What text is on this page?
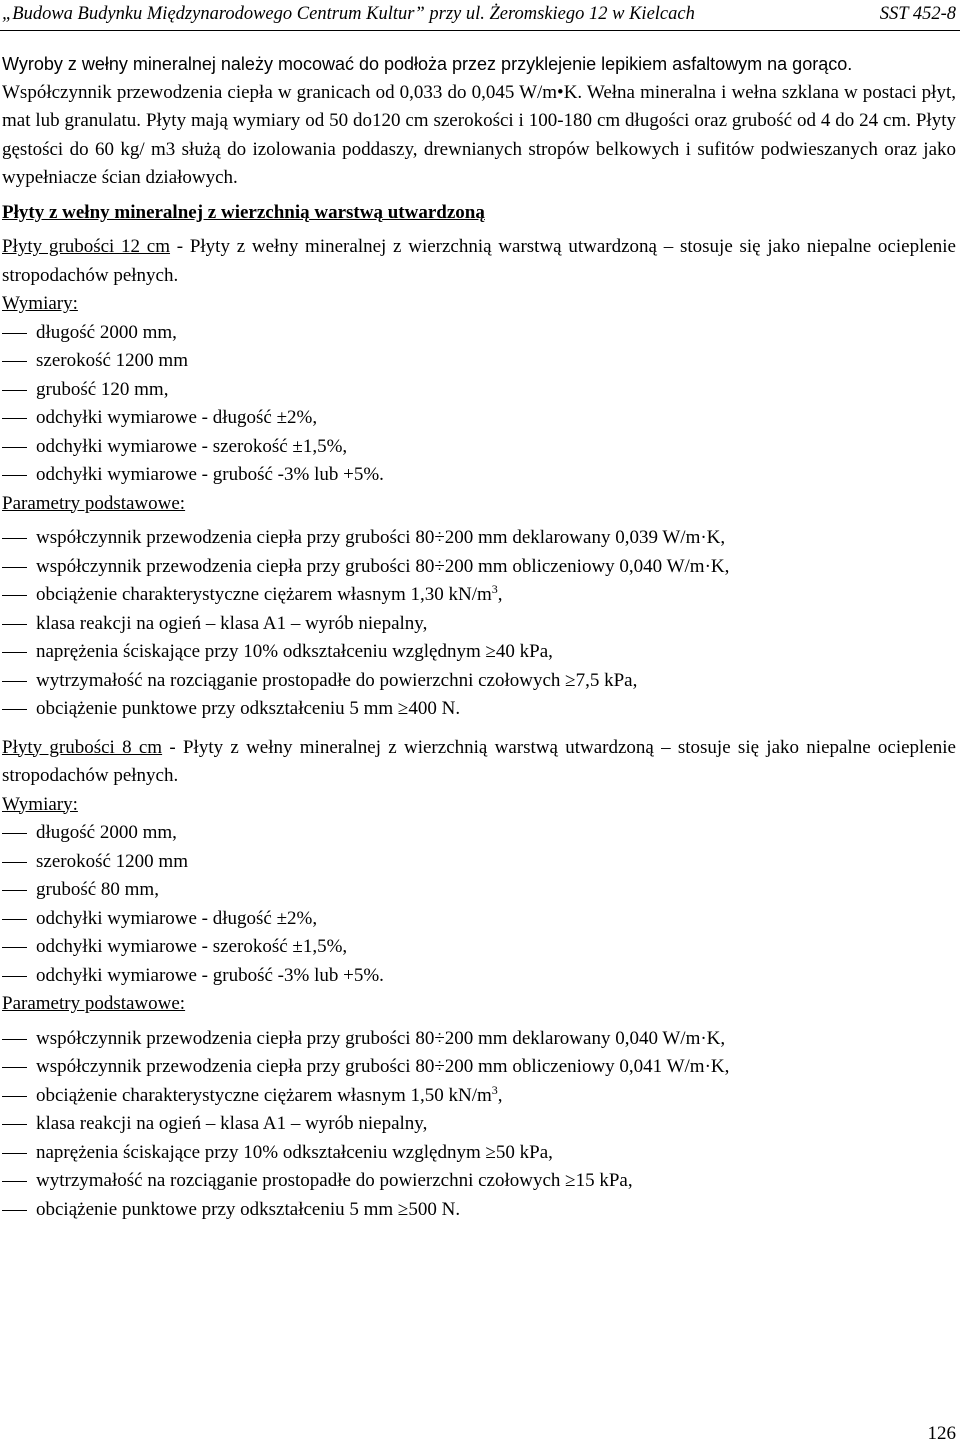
„Budowa Budynku Międzynarodowego Centrum Kultur” przy ul. Żeromskiego 12 w Kielcach	SST 452-8

Wyroby z wełny mineralnej należy mocować do podłoża przez przyklejenie lepikiem asfaltowym na gorąco.

Współczynnik przewodzenia ciepła w granicach od 0,033 do 0,045 W/m•K. Wełna mineralna i wełna szklana w postaci płyt, mat lub granulatu. Płyty mają wymiary od 50 do120 cm szerokości i 100-180 cm długości oraz grubość od 4 do 24 cm. Płyty gęstości do 60 kg/ m3 służą do izolowania poddaszy, drewnianych stropów belkowych i sufitów podwieszanych oraz jako wypełniacze ścian działowych.

Płyty z wełny mineralnej z wierzchnią warstwą utwardzoną

Płyty grubości 12 cm - Płyty z wełny mineralnej z wierzchnią warstwą utwardzoną – stosuje się jako niepalne ocieplenie stropodachów pełnych.

Wymiary:

długość 2000 mm,
szerokość 1200 mm
grubość 120 mm,
odchyłki wymiarowe - długość ±2%,
odchyłki wymiarowe - szerokość ±1,5%,
odchyłki wymiarowe - grubość -3% lub +5%.

Parametry podstawowe:

współczynnik przewodzenia ciepła przy grubości 80÷200 mm deklarowany 0,039 W/m·K,
współczynnik przewodzenia ciepła przy grubości 80÷200 mm obliczeniowy 0,040 W/m·K,
obciążenie charakterystyczne ciężarem własnym 1,30 $kN/m^3$,
klasa reakcji na ogień – klasa A1 – wyrób niepalny,
naprężenia ściskające przy 10% odkształceniu względnym ≥40 kPa,
wytrzymałość na rozciąganie prostopadłe do powierzchni czołowych ≥7,5 kPa,
obciążenie punktowe przy odkształceniu 5 mm ≥400 N.

Płyty grubości 8 cm - Płyty z wełny mineralnej z wierzchnią warstwą utwardzoną – stosuje się jako niepalne ocieplenie stropodachów pełnych.

Wymiary:

długość 2000 mm,
szerokość 1200 mm
grubość 80 mm,
odchyłki wymiarowe - długość ±2%,
odchyłki wymiarowe - szerokość ±1,5%,
odchyłki wymiarowe - grubość -3% lub +5%.

Parametry podstawowe:

współczynnik przewodzenia ciepła przy grubości 80÷200 mm deklarowany 0,040 W/m·K,
współczynnik przewodzenia ciepła przy grubości 80÷200 mm obliczeniowy 0,041 W/m·K,
obciążenie charakterystyczne ciężarem własnym 1,50 $kN/m^3$,
klasa reakcji na ogień – klasa A1 – wyrób niepalny,
naprężenia ściskające przy 10% odkształceniu względnym ≥50 kPa,
wytrzymałość na rozciąganie prostopadłe do powierzchni czołowych ≥15 kPa,
obciążenie punktowe przy odkształceniu 5 mm ≥500 N.
126
